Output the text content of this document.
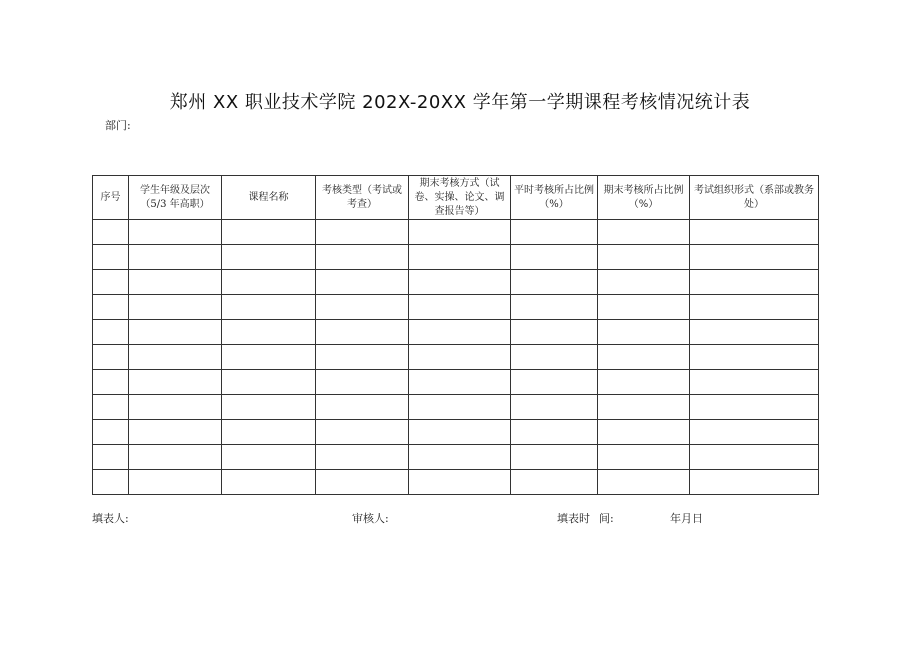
郑州 XX 职业技术学院 202X-20XX 学年第一学期课程考核情况统计表
部门:
序号	学生年级及层次（5/3 年高职）	课程名称	考核类型（考试或考查）	期末考核方式（试卷、实操、论文、调查报告等）	平时考核所占比例（%）	期末考核所占比例（%）	考试组织形式（系部或教务处）

填表人:	审核人:	填表时 间:	年月日
